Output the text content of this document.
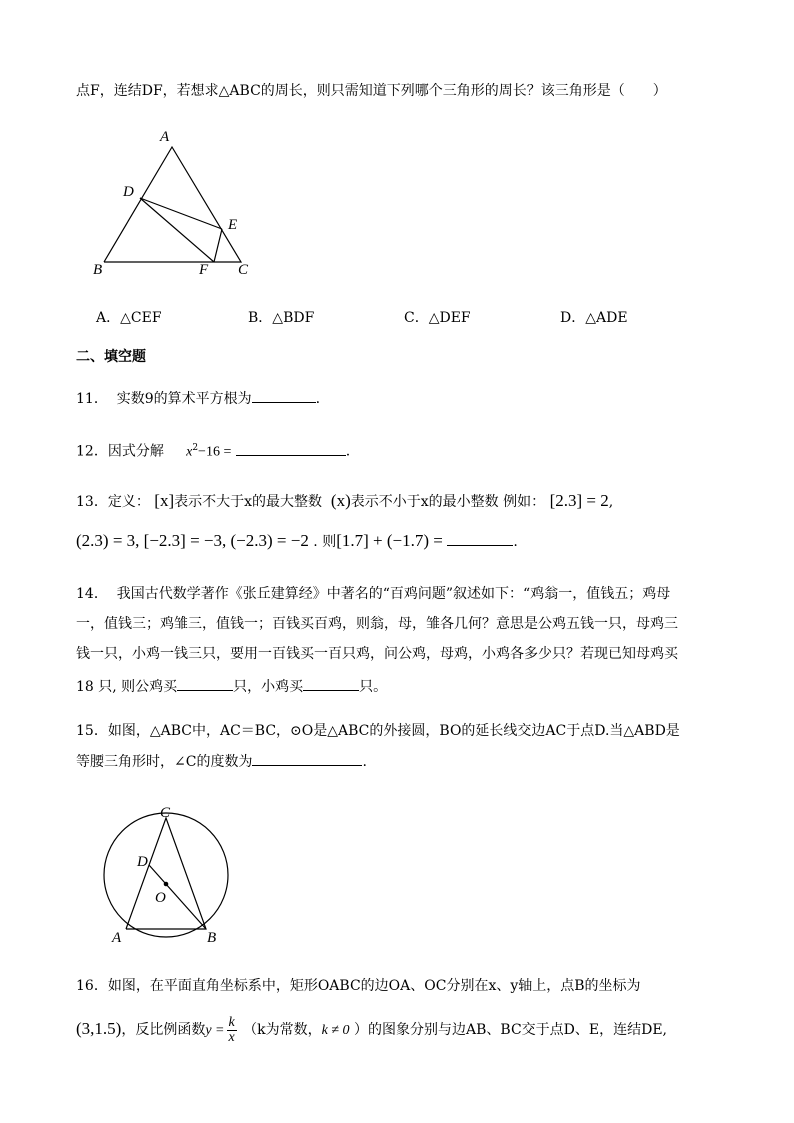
点F，连结DF，若想求△ABC的周长，则只需知道下列哪个三角形的周长？该三角形是（　　）
A
D
E
B	F C
A．△CEF	B．△BDF	C．△DEF	D．△ADE
二、填空题
11． 实数9的算术平方根为	.
12．因式分解 $x^2-16$ =	.
13．定义： [x]表示不大于x的最大整数 (x)表示不小于x的最小整数 例如： [2.3] = 2,
(2.3) = 3, [−2.3] = −3, (−2.3) = −2 . 则[1.7] + (−1.7) =	.
14． 我国古代数学著作《张丘建算经》中著名的“百鸡问题”叙述如下：“鸡翁一，值钱五；鸡母
一，值钱三；鸡雏三，值钱一；百钱买百鸡，则翁，母，雏各几何？意思是公鸡五钱一只，母鸡三
钱一只，小鸡一钱三只，要用一百钱买一百只鸡，问公鸡，母鸡，小鸡各多少只？若现已知母鸡买
18 只, 则公鸡买	只，小鸡买	只。
15．如图，△ABC中，AC＝BC，⊙O是△ABC的外接圆，BO的延长线交边AC于点D.当△ABD是
等腰三角形时，∠C的度数为	.
C
D
O
A	B
16．如图，在平面直角坐标系中，矩形OABC的边OA、OC分别在x、y轴上，点B的坐标为
(3,1.5)，反比例函数$y = \frac{k}{x} (k$为常数，k ≠ 0 ）的图象分别与边AB、BC交于点D、E，连结DE,
